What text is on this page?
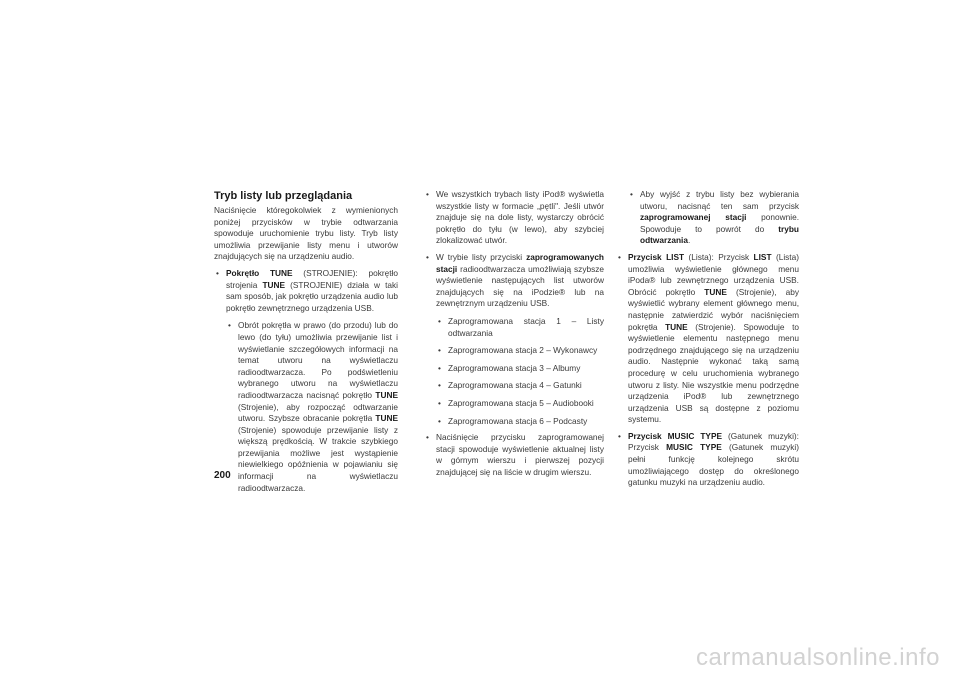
Tryb listy lub przeglądania

Naciśnięcie któregokolwiek z wymienionych poniżej przycisków w trybie odtwarzania spowoduje uruchomienie trybu listy. Tryb listy umożliwia przewijanie listy menu i utworów znajdujących się na urządzeniu audio.

• Pokrętło TUNE (STROJENIE): pokrętło strojenia TUNE (STROJENIE) działa w taki sam sposób, jak pokrętło urządzenia audio lub pokrętło zewnętrznego urządzenia USB.
• Obrót pokrętła w prawo (do przodu) lub do lewo (do tyłu) umożliwia przewijanie list i wyświetlanie szczegółowych informacji na temat utworu na wyświetlaczu radioodtwarzacza. Po podświetleniu wybranego utworu na wyświetlaczu radioodtwarzacza nacisnąć pokrętło TUNE (Strojenie), aby rozpocząć odtwarzanie utworu. Szybsze obracanie pokrętła TUNE (Strojenie) spowoduje przewijanie listy z większą prędkością. W trakcie szybkiego przewijania możliwe jest wystąpienie niewielkiego opóźnienia w pojawianiu się informacji na wyświetlaczu radioodtwarzacza.
• We wszystkich trybach listy iPod® wyświetla wszystkie listy w formacie „pętli". Jeśli utwór znajduje się na dole listy, wystarczy obrócić pokrętło do tyłu (w lewo), aby szybciej zlokalizować utwór.
• W trybie listy przyciski zaprogramowanych stacji radioodtwarzacza umożliwiają szybsze wyświetlenie następujących list utworów znajdujących się na iPodzie® lub na zewnętrznym urządzeniu USB.
• Zaprogramowana stacja 1 – Listy odtwarzania
• Zaprogramowana stacja 2 – Wykonawcy
• Zaprogramowana stacja 3 – Albumy
• Zaprogramowana stacja 4 – Gatunki
• Zaprogramowana stacja 5 – Audiobooki
• Zaprogramowana stacja 6 – Podcasty
• Naciśnięcie przycisku zaprogramowanej stacji spowoduje wyświetlenie aktualnej listy w górnym wierszu i pierwszej pozycji znajdującej się na liście w drugim wierszu.
• Aby wyjść z trybu listy bez wybierania utworu, nacisnąć ten sam przycisk zaprogramowanej stacji ponownie. Spowoduje to powrót do trybu odtwarzania.
• Przycisk LIST (Lista): Przycisk LIST (Lista) umożliwia wyświetlenie głównego menu iPoda® lub zewnętrznego urządzenia USB. Obrócić pokrętło TUNE (Strojenie), aby wyświetlić wybrany element głównego menu, następnie zatwierdzić wybór naciśnięciem pokrętła TUNE (Strojenie). Spowoduje to wyświetlenie elementu następnego menu podrzędnego znajdującego się na urządzeniu audio. Następnie wykonać taką samą procedurę w celu uruchomienia wybranego utworu z listy. Nie wszystkie menu podrzędne urządzenia iPod® lub zewnętrznego urządzenia USB są dostępne z poziomu systemu.
• Przycisk MUSIC TYPE (Gatunek muzyki): Przycisk MUSIC TYPE (Gatunek muzyki) pełni funkcję kolejnego skrótu umożliwiającego dostęp do określonego gatunku muzyki na urządzeniu audio.
200
carmanualsonline.info
